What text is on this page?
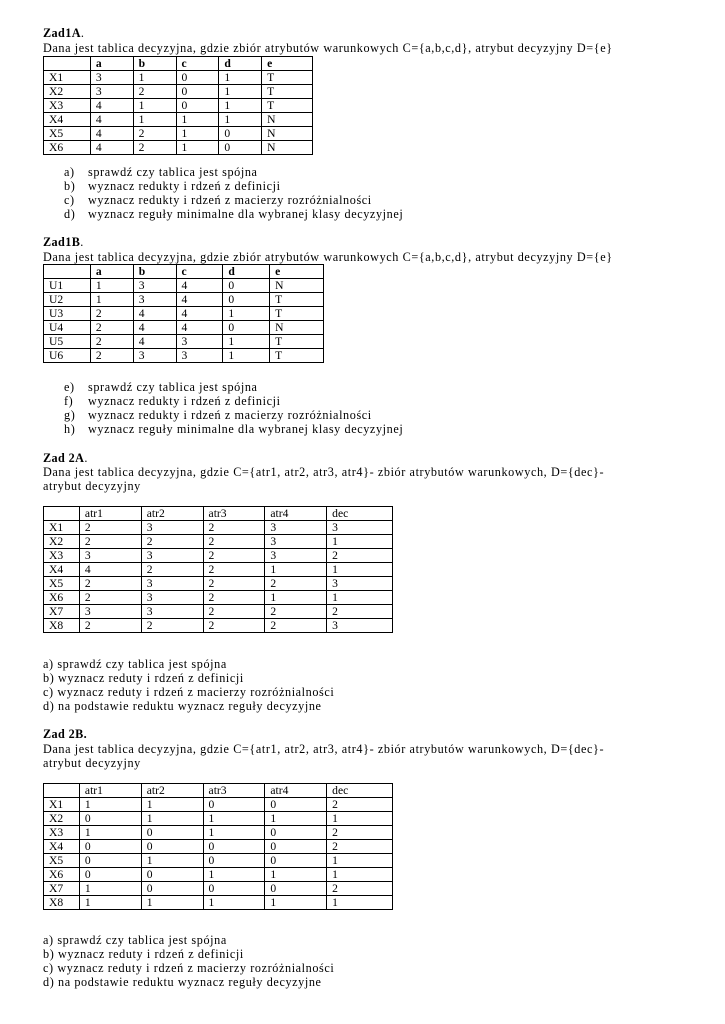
Zad1A.

Dana jest tablica decyzyjna, gdzie zbiór atrybutów warunkowych C={a,b,c,d}, atrybut decyzyjny D={e}

	a	b	c	d	e
X1	3	1	0	1	T
X2	3	2	0	1	T
X3	4	1	0	1	T
X4	4	1	1	1	N
X5	4	2	1	0	N
X6	4	2	1	0	N
a) sprawdź czy tablica jest spójna
b) wyznacz redukty i rdzeń z definicji
c) wyznacz redukty i rdzeń z macierzy rozróżnialności
d) wyznacz reguły minimalne dla wybranej klasy decyzyjnej

Zad1B.

Dana jest tablica decyzyjna, gdzie zbiór atrybutów warunkowych C={a,b,c,d}, atrybut decyzyjny D={e}

	a	b	c	d	e
U1	1	3	4	0	N
U2	1	3	4	0	T
U3	2	4	4	1	T
U4	2	4	4	0	N
U5	2	4	3	1	T
U6	2	3	3	1	T
e) sprawdź czy tablica jest spójna
f) wyznacz redukty i rdzeń z definicji
g) wyznacz redukty i rdzeń z macierzy rozróżnialności
h) wyznacz reguły minimalne dla wybranej klasy decyzyjnej

Zad 2A.

Dana jest tablica decyzyjna, gdzie C={atr1, atr2, atr3, atr4}- zbiór atrybutów warunkowych, D={dec}-

atrybut decyzyjny

	atr1	atr2	atr3	atr4	dec
X1	2	3	2	3	3
X2	2	2	2	3	1
X3	3	3	2	3	2
X4	4	2	2	1	1
X5	2	3	2	2	3
X6	2	3	2	1	1
X7	3	3	2	2	2
X8	2	2	2	2	3
a) sprawdź czy tablica jest spójna
b) wyznacz reduty i rdzeń z definicji
c) wyznacz reduty i rdzeń z macierzy rozróżnialności
d) na podstawie reduktu wyznacz reguły decyzyjne

Zad 2B.

Dana jest tablica decyzyjna, gdzie C={atr1, atr2, atr3, atr4}- zbiór atrybutów warunkowych, D={dec}-

atrybut decyzyjny

	atr1	atr2	atr3	atr4	dec
X1	1	1	0	0	2
X2	0	1	1	1	1
X3	1	0	1	0	2
X4	0	0	0	0	2
X5	0	1	0	0	1
X6	0	0	1	1	1
X7	1	0	0	0	2
X8	1	1	1	1	1
a) sprawdź czy tablica jest spójna
b) wyznacz reduty i rdzeń z definicji
c) wyznacz reduty i rdzeń z macierzy rozróżnialności
d) na podstawie reduktu wyznacz reguły decyzyjne
